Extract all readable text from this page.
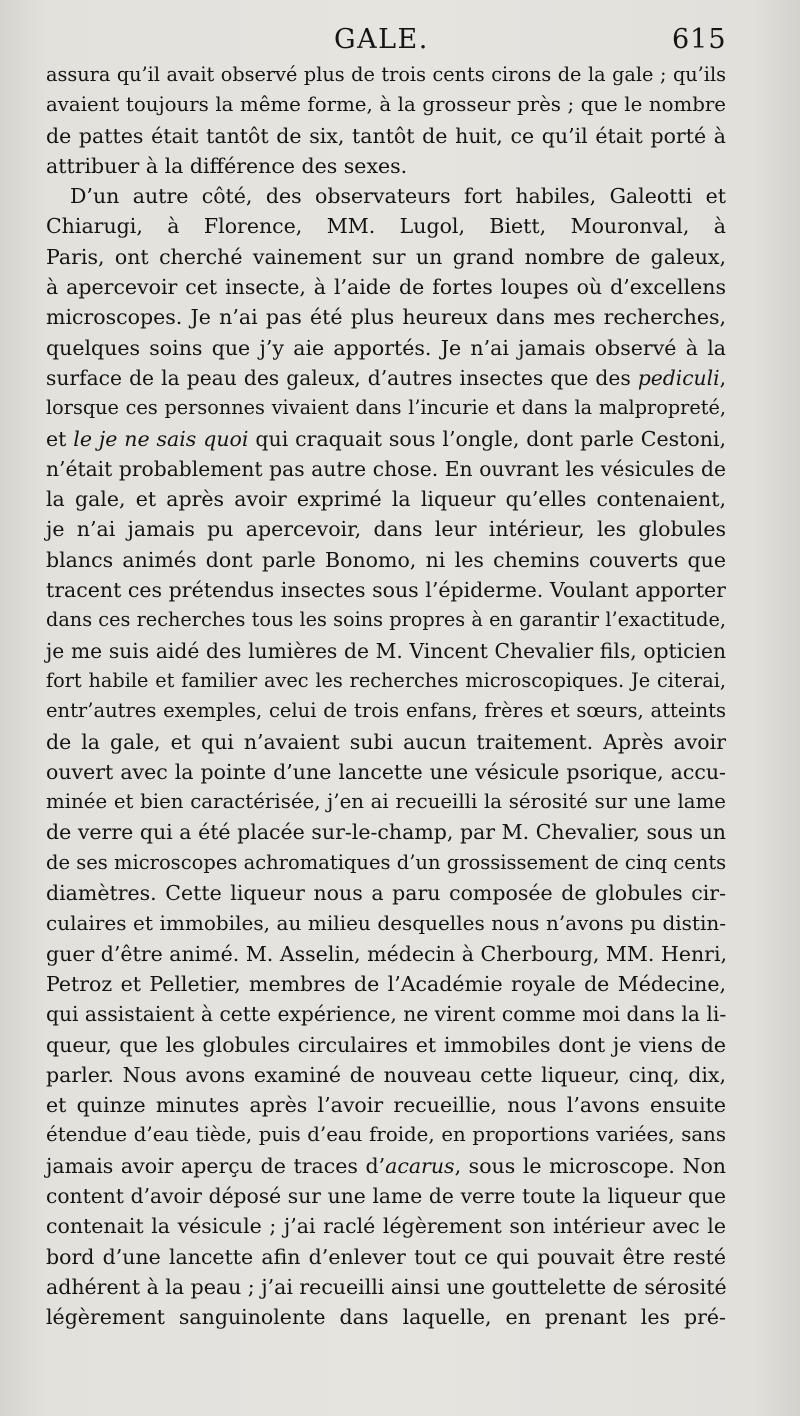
GALE.	615
assura qu’il avait observé plus de trois cents cirons de la gale ; qu’ils
avaient toujours la même forme, à la grosseur près ; que le nombre
de pattes était tantôt de six, tantôt de huit, ce qu’il était porté à
attribuer à la différence des sexes.
D’un autre côté, des observateurs fort habiles, Galeotti et
Chiarugi, à Florence, MM. Lugol, Biett, Mouronval, à
Paris, ont cherché vainement sur un grand nombre de galeux,
à apercevoir cet insecte, à l’aide de fortes loupes où d’excellens
microscopes. Je n’ai pas été plus heureux dans mes recherches,
quelques soins que j’y aie apportés. Je n’ai jamais observé à la
surface de la peau des galeux, d’autres insectes que des pediculi,
lorsque ces personnes vivaient dans l’incurie et dans la malpropreté,
et le je ne sais quoi qui craquait sous l’ongle, dont parle Cestoni,
n’était probablement pas autre chose. En ouvrant les vésicules de
la gale, et après avoir exprimé la liqueur qu’elles contenaient,
je n’ai jamais pu apercevoir, dans leur intérieur, les globules
blancs animés dont parle Bonomo, ni les chemins couverts que
tracent ces prétendus insectes sous l’épiderme. Voulant apporter
dans ces recherches tous les soins propres à en garantir l’exactitude,
je me suis aidé des lumières de M. Vincent Chevalier fils, opticien
fort habile et familier avec les recherches microscopiques. Je citerai,
entr’autres exemples, celui de trois enfans, frères et sœurs, atteints
de la gale, et qui n’avaient subi aucun traitement. Après avoir
ouvert avec la pointe d’une lancette une vésicule psorique, accu-
minée et bien caractérisée, j’en ai recueilli la sérosité sur une lame
de verre qui a été placée sur-le-champ, par M. Chevalier, sous un
de ses microscopes achromatiques d’un grossissement de cinq cents
diamètres. Cette liqueur nous a paru composée de globules cir-
culaires et immobiles, au milieu desquelles nous n’avons pu distin-
guer d’être animé. M. Asselin, médecin à Cherbourg, MM. Henri,
Petroz et Pelletier, membres de l’Académie royale de Médecine,
qui assistaient à cette expérience, ne virent comme moi dans la li-
queur, que les globules circulaires et immobiles dont je viens de
parler. Nous avons examiné de nouveau cette liqueur, cinq, dix,
et quinze minutes après l’avoir recueillie, nous l’avons ensuite
étendue d’eau tiède, puis d’eau froide, en proportions variées, sans
jamais avoir aperçu de traces d’acarus, sous le microscope. Non
content d’avoir déposé sur une lame de verre toute la liqueur que
contenait la vésicule ; j’ai raclé légèrement son intérieur avec le
bord d’une lancette afin d’enlever tout ce qui pouvait être resté
adhérent à la peau ; j’ai recueilli ainsi une gouttelette de sérosité
légèrement sanguinolente dans laquelle, en prenant les pré-
